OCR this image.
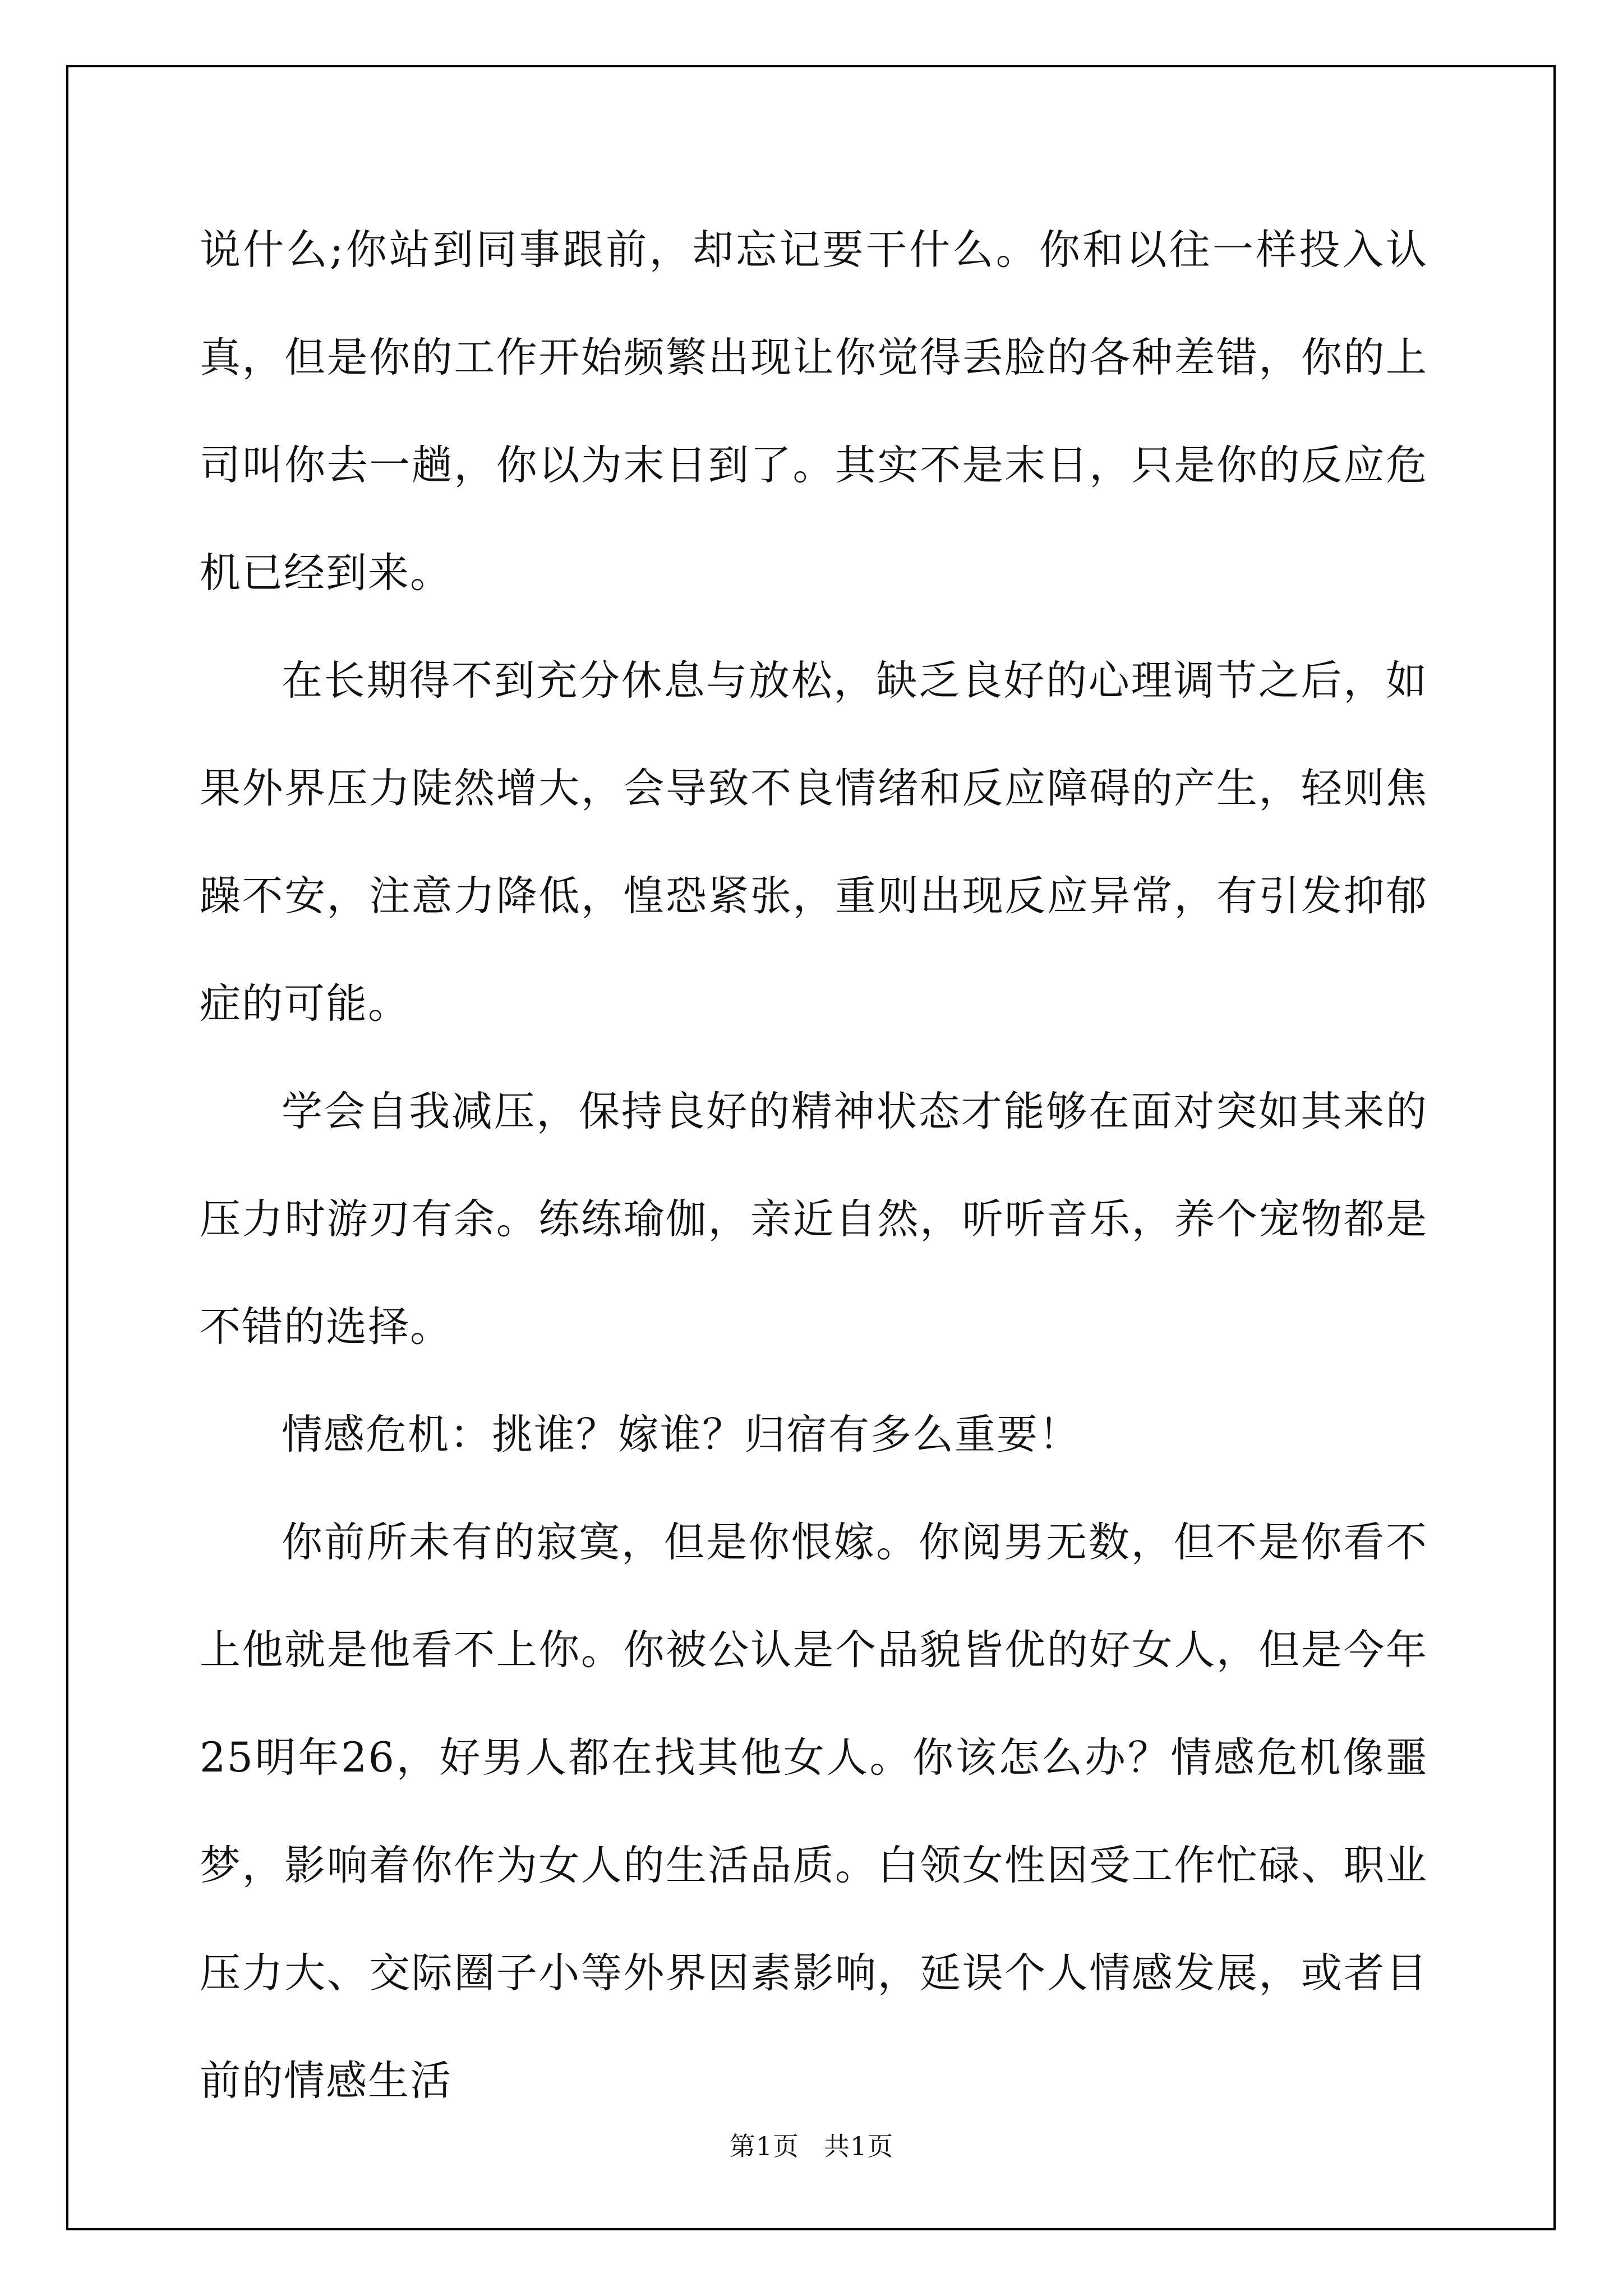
说什么;你站到同事跟前，却忘记要干什么。你和以往一样投入认真，但是你的工作开始频繁出现让你觉得丢脸的各种差错，你的上司叫你去一趟，你以为末日到了。其实不是末日，只是你的反应危机已经到来。

在长期得不到充分休息与放松，缺乏良好的心理调节之后，如果外界压力陡然增大，会导致不良情绪和反应障碍的产生，轻则焦躁不安，注意力降低，惶恐紧张，重则出现反应异常，有引发抑郁症的可能。

学会自我减压，保持良好的精神状态才能够在面对突如其来的压力时游刃有余。练练瑜伽，亲近自然，听听音乐，养个宠物都是不错的选择。

情感危机：挑谁？嫁谁？归宿有多么重要！

你前所未有的寂寞，但是你恨嫁。你阅男无数，但不是你看不上他就是他看不上你。你被公认是个品貌皆优的好女人，但是今年25明年26，好男人都在找其他女人。你该怎么办？情感危机像噩梦，影响着你作为女人的生活品质。白领女性因受工作忙碌、职业压力大、交际圈子小等外界因素影响，延误个人情感发展，或者目前的情感生活

第1页 共1页
